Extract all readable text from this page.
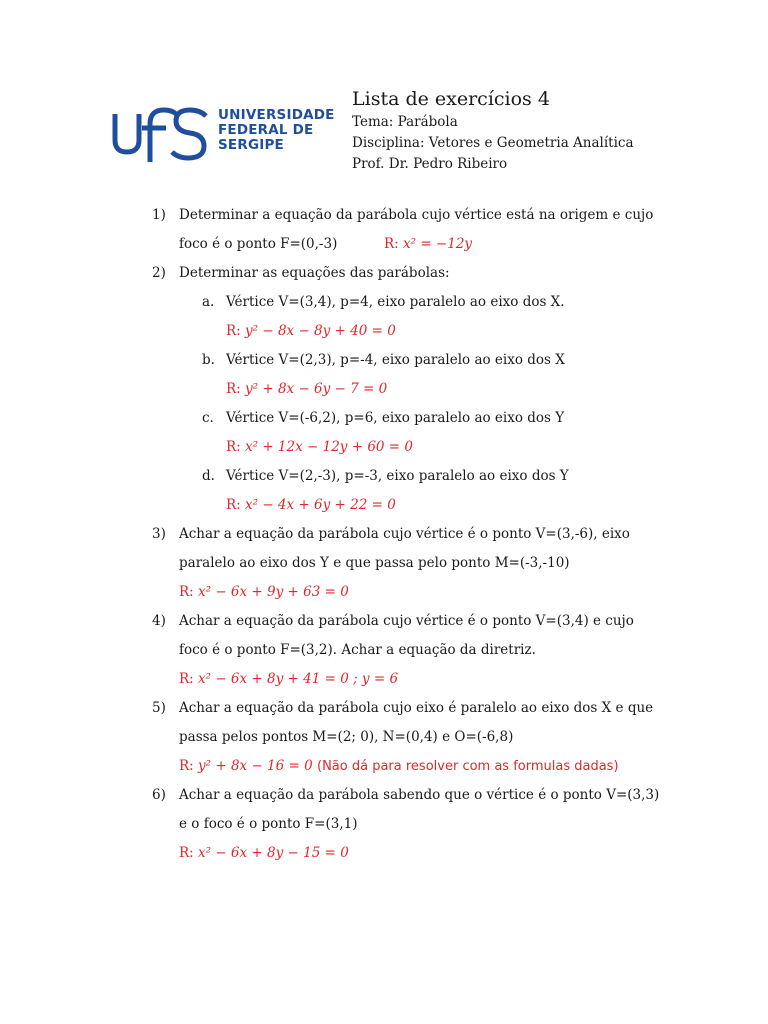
UNIVERSIDADE
FEDERAL DE
SERGIPE
Lista de exercícios 4
Tema: Parábola
Disciplina: Vetores e Geometria Analítica
Prof. Dr. Pedro Ribeiro
1) Determinar a equação da parábola cujo vértice está na origem e cujo
foco é o ponto F=(0,-3)	R: x² = −12y
2) Determinar as equações das parábolas:
a. Vértice V=(3,4), p=4, eixo paralelo ao eixo dos X.
R: y² − 8x − 8y + 40 = 0
b. Vértice V=(2,3), p=-4, eixo paralelo ao eixo dos X
R: y² + 8x − 6y − 7 = 0
c. Vértice V=(-6,2), p=6, eixo paralelo ao eixo dos Y
R: x² + 12x − 12y + 60 = 0
d. Vértice V=(2,-3), p=-3, eixo paralelo ao eixo dos Y
R: x² − 4x + 6y + 22 = 0
3) Achar a equação da parábola cujo vértice é o ponto V=(3,-6), eixo
paralelo ao eixo dos Y e que passa pelo ponto M=(-3,-10)
R: x² − 6x + 9y + 63 = 0
4) Achar a equação da parábola cujo vértice é o ponto V=(3,4) e cujo
foco é o ponto F=(3,2). Achar a equação da diretriz.
R: x² − 6x + 8y + 41 = 0 ; y = 6
5) Achar a equação da parábola cujo eixo é paralelo ao eixo dos X e que
passa pelos pontos M=(2; 0), N=(0,4) e O=(-6,8)
R: y² + 8x − 16 = 0 (Não dá para resolver com as formulas dadas)
6) Achar a equação da parábola sabendo que o vértice é o ponto V=(3,3)
e o foco é o ponto F=(3,1)
R: x² − 6x + 8y − 15 = 0
